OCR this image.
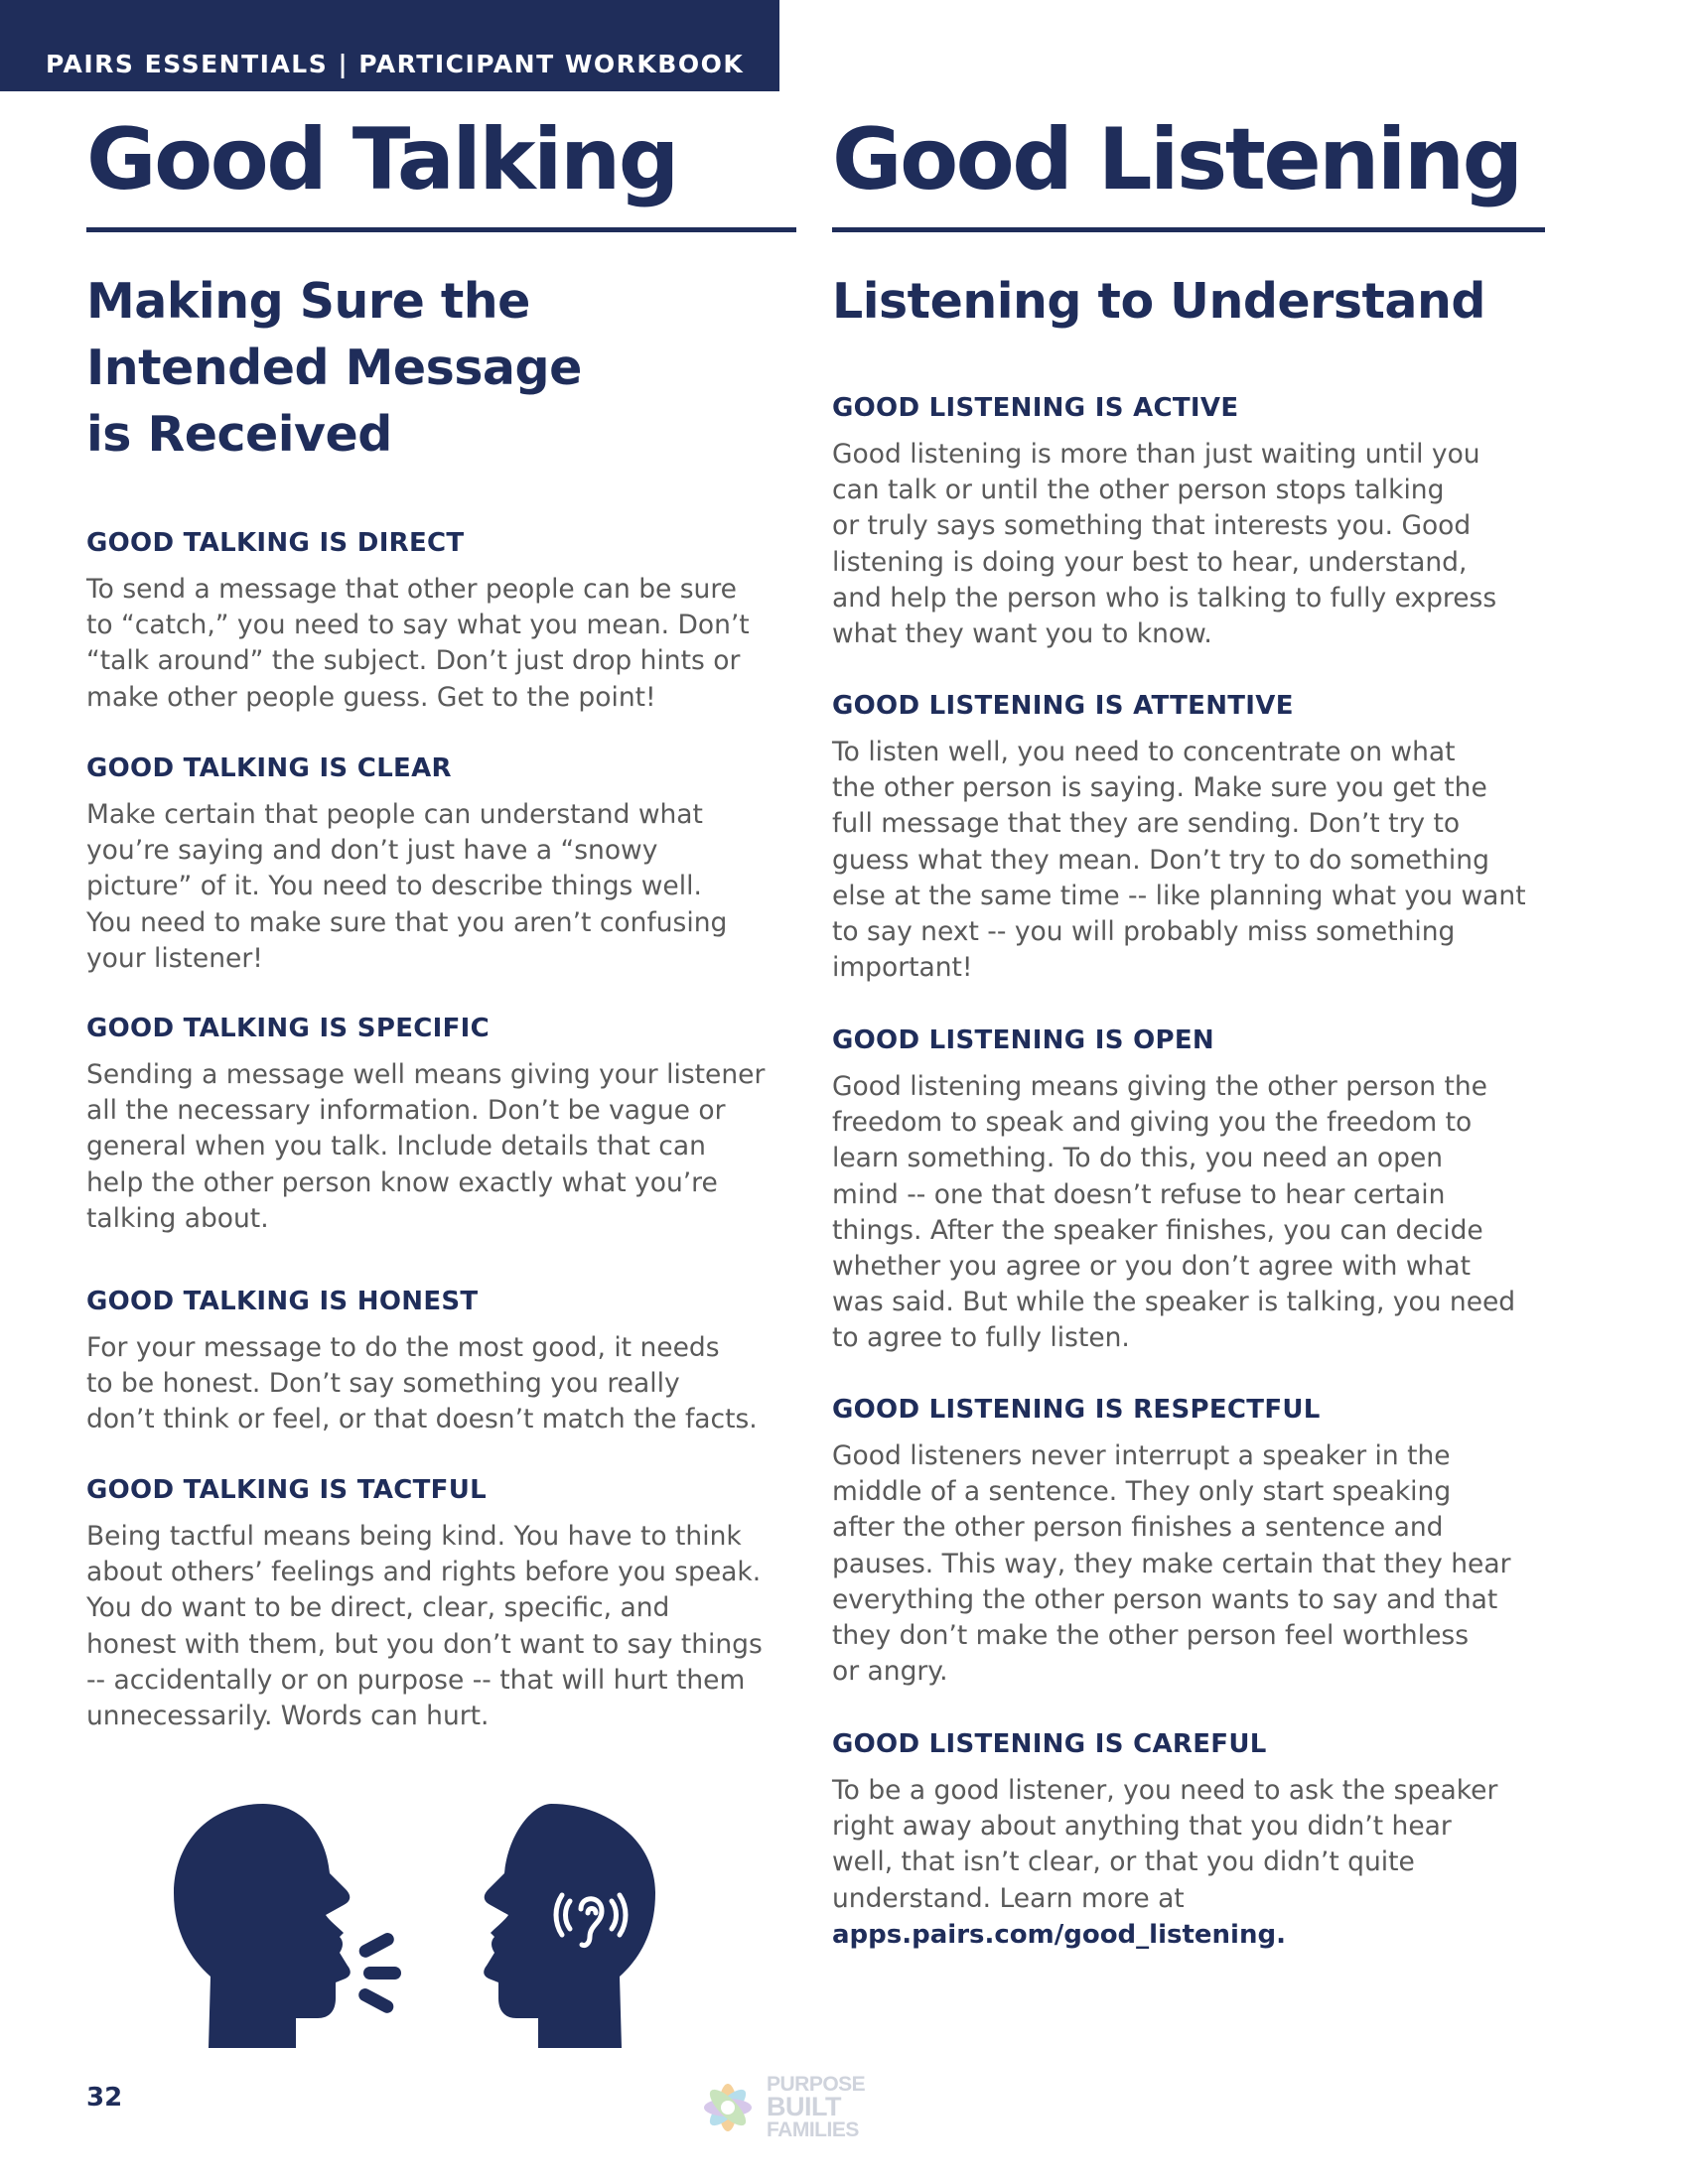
PAIRS ESSENTIALS | PARTICIPANT WORKBOOK
Good Talking
Making Sure the
Intended Message
is Received
GOOD TALKING IS DIRECT
To send a message that other people can be sure
to “catch,” you need to say what you mean. Don’t
“talk around” the subject. Don’t just drop hints or
make other people guess. Get to the point!
GOOD TALKING IS CLEAR
Make certain that people can understand what
you’re saying and don’t just have a “snowy
picture” of it. You need to describe things well.
You need to make sure that you aren’t confusing
your listener!
GOOD TALKING IS SPECIFIC
Sending a message well means giving your listener
all the necessary information. Don’t be vague or
general when you talk. Include details that can
help the other person know exactly what you’re
talking about.
GOOD TALKING IS HONEST
For your message to do the most good, it needs
to be honest. Don’t say something you really
don’t think or feel, or that doesn’t match the facts.
GOOD TALKING IS TACTFUL
Being tactful means being kind. You have to think
about others’ feelings and rights before you speak.
You do want to be direct, clear, specific, and
honest with them, but you don’t want to say things
-- accidentally or on purpose -- that will hurt them
unnecessarily. Words can hurt.
Good Listening
Listening to Understand
GOOD LISTENING IS ACTIVE
Good listening is more than just waiting until you
can talk or until the other person stops talking
or truly says something that interests you. Good
listening is doing your best to hear, understand,
and help the person who is talking to fully express
what they want you to know.
GOOD LISTENING IS ATTENTIVE
To listen well, you need to concentrate on what
the other person is saying. Make sure you get the
full message that they are sending. Don’t try to
guess what they mean. Don’t try to do something
else at the same time -- like planning what you want
to say next -- you will probably miss something
important!
GOOD LISTENING IS OPEN
Good listening means giving the other person the
freedom to speak and giving you the freedom to
learn something. To do this, you need an open
mind -- one that doesn’t refuse to hear certain
things. After the speaker finishes, you can decide
whether you agree or you don’t agree with what
was said. But while the speaker is talking, you need
to agree to fully listen.
GOOD LISTENING IS RESPECTFUL
Good listeners never interrupt a speaker in the
middle of a sentence. They only start speaking
after the other person finishes a sentence and
pauses. This way, they make certain that they hear
everything the other person wants to say and that
they don’t make the other person feel worthless
or angry.
GOOD LISTENING IS CAREFUL
To be a good listener, you need to ask the speaker
right away about anything that you didn’t hear
well, that isn’t clear, or that you didn’t quite
understand. Learn more at
apps.pairs.com/good_listening.
32	PURPOSE
BUILT
FAMILIES
